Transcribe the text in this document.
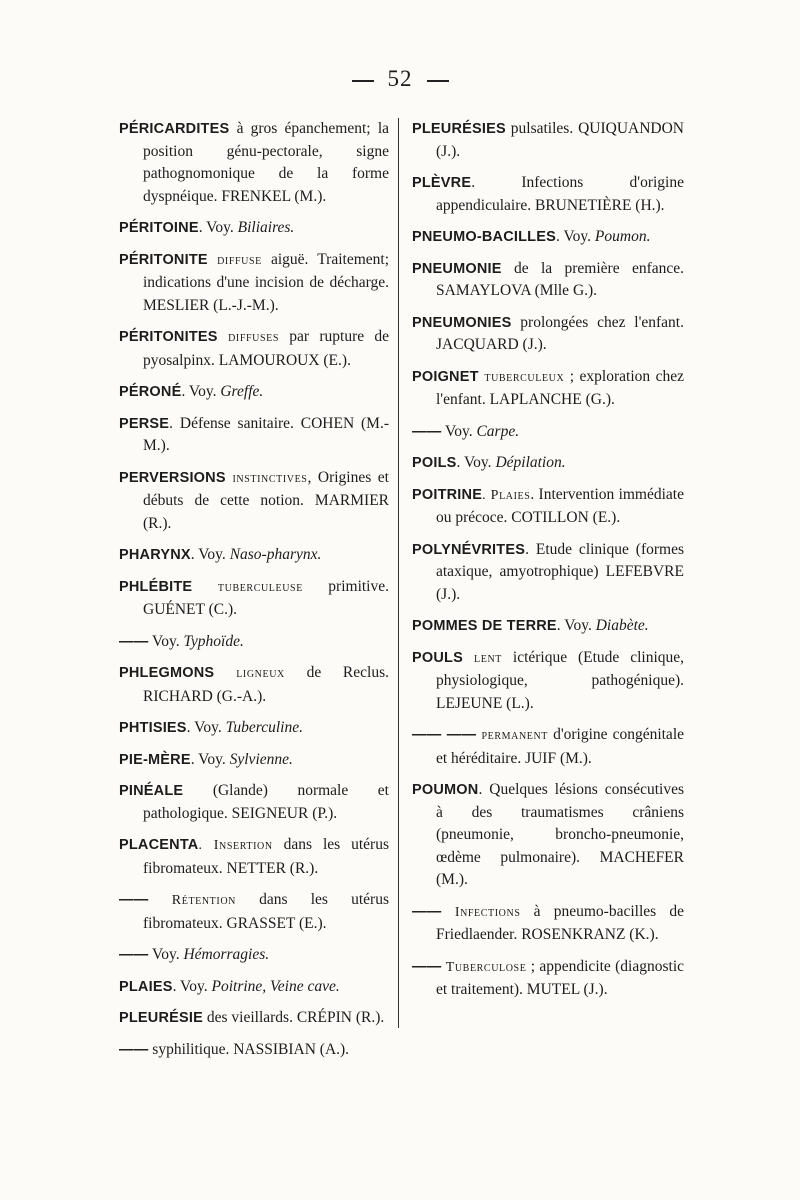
52

PÉRICARDITES à gros épanchement; la position génu-pectorale, signe pathognomonique de la forme dyspnéique. FRENKEL (M.).

PÉRITOINE. Voy. Biliaires.

PÉRITONITE diffuse aiguë. Traitement; indications d'une incision de décharge. MESLIER (L.-J.-M.).

PÉRITONITES diffuses par rupture de pyosalpinx. LAMOUROUX (E.).

PÉRONÉ. Voy. Greffe.

PERSE. Défense sanitaire. COHEN (M.-M.).

PERVERSIONS instinctives, Origines et débuts de cette notion. MARMIER (R.).

PHARYNX. Voy. Naso-pharynx.

PHLÉBITE tuberculeuse primitive. GUÉNET (C.).

—— Voy. Typhoïde.

PHLEGMONS ligneux de Reclus. RICHARD (G.-A.).

PHTISIES. Voy. Tuberculine.

PIE-MÈRE. Voy. Sylvienne.

PINÉALE (Glande) normale et pathologique. SEIGNEUR (P.).

PLACENTA. Insertion dans les utérus fibromateux. NETTER (R.).

—— Rétention dans les utérus fibromateux. GRASSET (E.).

—— Voy. Hémorragies.

PLAIES. Voy. Poitrine, Veine cave.

PLEURÉSIE des vieillards. CRÉPIN (R.).

—— syphilitique. NASSIBIAN (A.).

PLEURÉSIES pulsatiles. QUIQUANDON (J.).

PLÈVRE. Infections d'origine appendiculaire. BRUNETIÈRE (H.).

PNEUMO-BACILLES. Voy. Poumon.

PNEUMONIE de la première enfance. SAMAYLOVA (Mlle G.).

PNEUMONIES prolongées chez l'enfant. JACQUARD (J.).

POIGNET tuberculeux ; exploration chez l'enfant. LAPLANCHE (G.).

—— Voy. Carpe.

POILS. Voy. Dépilation.

POITRINE. Plaies. Intervention immédiate ou précoce. COTILLON (E.).

POLYNÉVRITES. Etude clinique (formes ataxique, amyotrophique) LEFEBVRE (J.).

POMMES DE TERRE. Voy. Diabète.

POULS lent ictérique (Etude clinique, physiologique, pathogénique). LEJEUNE (L.).

—— —— permanent d'origine congénitale et héréditaire. JUIF (M.).

POUMON. Quelques lésions consécutives à des traumatismes crâniens (pneumonie, broncho-pneumonie, œdème pulmonaire). MACHEFER (M.).

—— Infections à pneumo-bacilles de Friedlaender. ROSENKRANZ (K.).

—— Tuberculose ; appendicite (diagnostic et traitement). MUTEL (J.).
